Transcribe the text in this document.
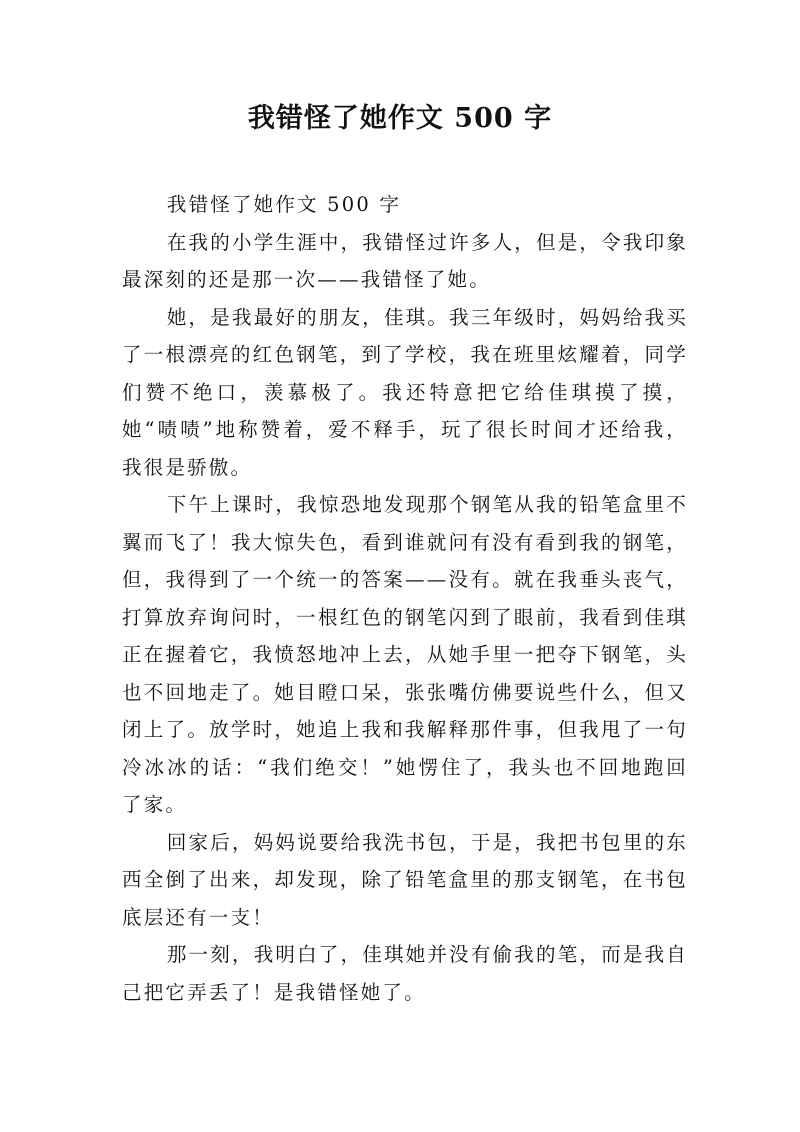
我错怪了她作文 500 字

我错怪了她作文 500 字

在我的小学生涯中，我错怪过许多人，但是，令我印象最深刻的还是那一次——我错怪了她。

她，是我最好的朋友，佳琪。我三年级时，妈妈给我买了一根漂亮的红色钢笔，到了学校，我在班里炫耀着，同学们赞不绝口，羡慕极了。我还特意把它给佳琪摸了摸，她“啧啧”地称赞着，爱不释手，玩了很长时间才还给我，我很是骄傲。

下午上课时，我惊恐地发现那个钢笔从我的铅笔盒里不翼而飞了！我大惊失色，看到谁就问有没有看到我的钢笔，但，我得到了一个统一的答案——没有。就在我垂头丧气，打算放弃询问时，一根红色的钢笔闪到了眼前，我看到佳琪正在握着它，我愤怒地冲上去，从她手里一把夺下钢笔，头也不回地走了。她目瞪口呆，张张嘴仿佛要说些什么，但又闭上了。放学时，她追上我和我解释那件事，但我甩了一句冷冰冰的话：“我们绝交！”她愣住了，我头也不回地跑回了家。

回家后，妈妈说要给我洗书包，于是，我把书包里的东西全倒了出来，却发现，除了铅笔盒里的那支钢笔，在书包底层还有一支！

那一刻，我明白了，佳琪她并没有偷我的笔，而是我自己把它弄丢了！是我错怪她了。
